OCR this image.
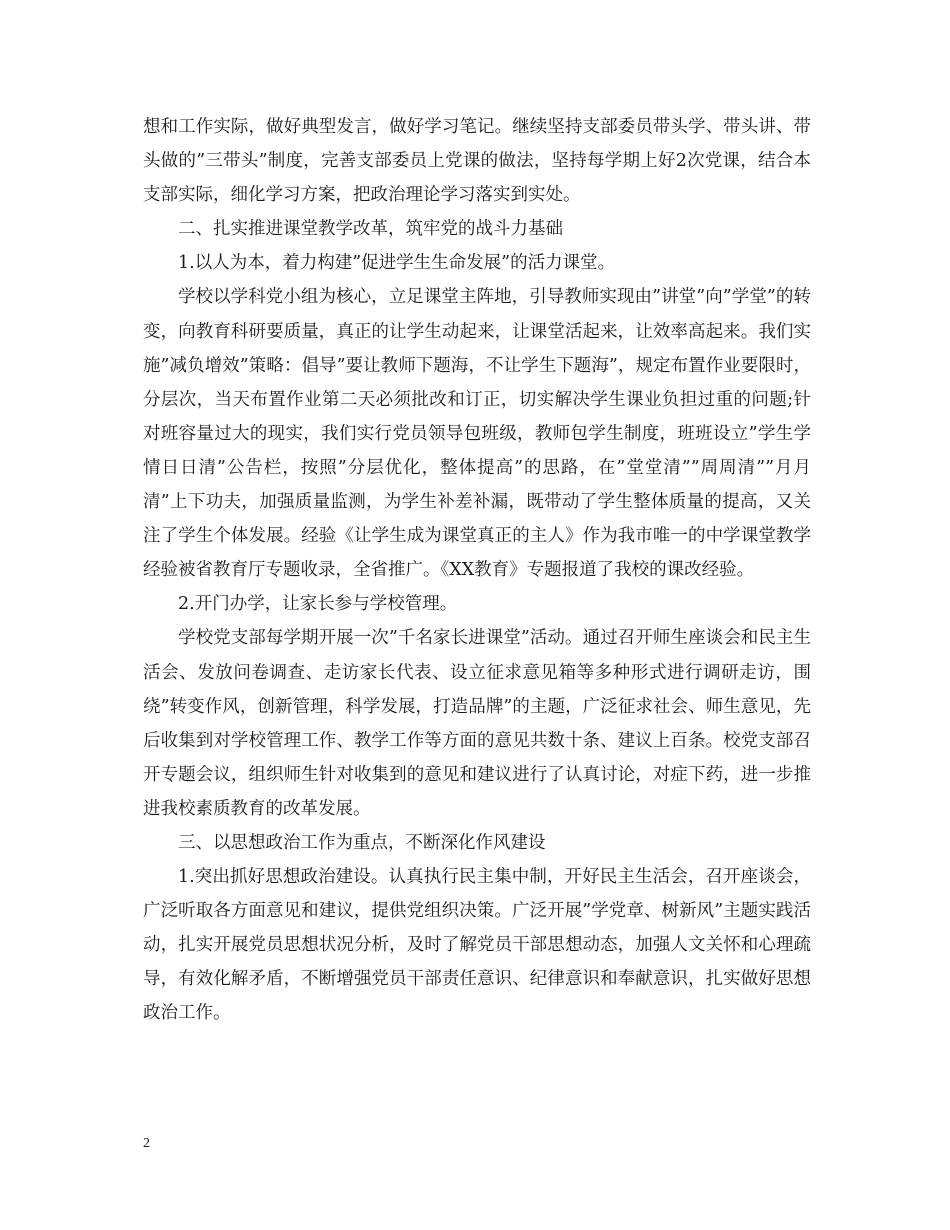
想和工作实际，做好典型发言，做好学习笔记。继续坚持支部委员带头学、带头讲、带头做的”三带头”制度，完善支部委员上党课的做法，坚持每学期上好2次党课，结合本支部实际，细化学习方案，把政治理论学习落实到实处。

二、扎实推进课堂教学改革，筑牢党的战斗力基础

1.以人为本，着力构建”促进学生生命发展”的活力课堂。

学校以学科党小组为核心，立足课堂主阵地，引导教师实现由”讲堂”向”学堂”的转变，向教育科研要质量，真正的让学生动起来，让课堂活起来，让效率高起来。我们实施”减负增效”策略：倡导”要让教师下题海，不让学生下题海”，规定布置作业要限时，分层次，当天布置作业第二天必须批改和订正，切实解决学生课业负担过重的问题;针对班容量过大的现实，我们实行党员领导包班级，教师包学生制度，班班设立”学生学情日日清”公告栏，按照”分层优化，整体提高”的思路，在”堂堂清””周周清””月月清”上下功夫，加强质量监测，为学生补差补漏，既带动了学生整体质量的提高，又关注了学生个体发展。经验《让学生成为课堂真正的主人》作为我市唯一的中学课堂教学经验被省教育厅专题收录，全省推广。《XX教育》专题报道了我校的课改经验。

2.开门办学，让家长参与学校管理。

学校党支部每学期开展一次”千名家长进课堂”活动。通过召开师生座谈会和民主生活会、发放问卷调查、走访家长代表、设立征求意见箱等多种形式进行调研走访，围绕”转变作风，创新管理，科学发展，打造品牌”的主题，广泛征求社会、师生意见，先后收集到对学校管理工作、教学工作等方面的意见共数十条、建议上百条。校党支部召开专题会议，组织师生针对收集到的意见和建议进行了认真讨论，对症下药，进一步推进我校素质教育的改革发展。

三、以思想政治工作为重点，不断深化作风建设

1.突出抓好思想政治建设。认真执行民主集中制，开好民主生活会，召开座谈会，广泛听取各方面意见和建议，提供党组织决策。广泛开展”学党章、树新风”主题实践活动，扎实开展党员思想状况分析，及时了解党员干部思想动态，加强人文关怀和心理疏导，有效化解矛盾，不断增强党员干部责任意识、纪律意识和奉献意识，扎实做好思想政治工作。

2
